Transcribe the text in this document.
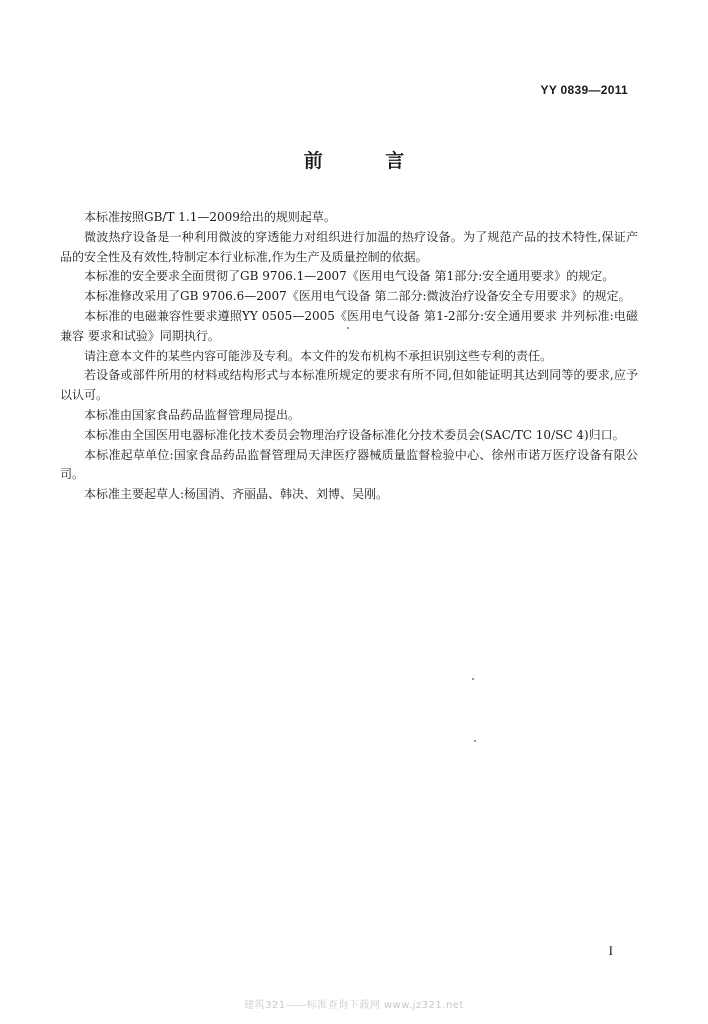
YY 0839—2011
前 言

本标准按照GB/T 1.1—2009给出的规则起草。

微波热疗设备是一种利用微波的穿透能力对组织进行加温的热疗设备。为了规范产品的技术特性,保证产品的安全性及有效性,特制定本行业标准,作为生产及质量控制的依据。

本标准的安全要求全面贯彻了GB 9706.1—2007《医用电气设备 第1部分:安全通用要求》的规定。

本标准修改采用了GB 9706.6—2007《医用电气设备 第二部分:微波治疗设备安全专用要求》的规定。

本标准的电磁兼容性要求遵照YY 0505—2005《医用电气设备 第1-2部分:安全通用要求 并列标准:电磁兼容 要求和试验》同期执行。

请注意本文件的某些内容可能涉及专利。本文件的发布机构不承担识别这些专利的责任。

若设备或部件所用的材料或结构形式与本标准所规定的要求有所不同,但如能证明其达到同等的要求,应予以认可。

本标准由国家食品药品监督管理局提出。

本标准由全国医用电器标准化技术委员会物理治疗设备标准化分技术委员会(SAC/TC 10/SC 4)归口。

本标准起草单位:国家食品药品监督管理局天津医疗器械质量监督检验中心、徐州市诺万医疗设备有限公司。

本标准主要起草人:杨国消、齐丽晶、韩决、刘博、吴刚。

I
建筑321——标准查询下载网 www.jz321.net
